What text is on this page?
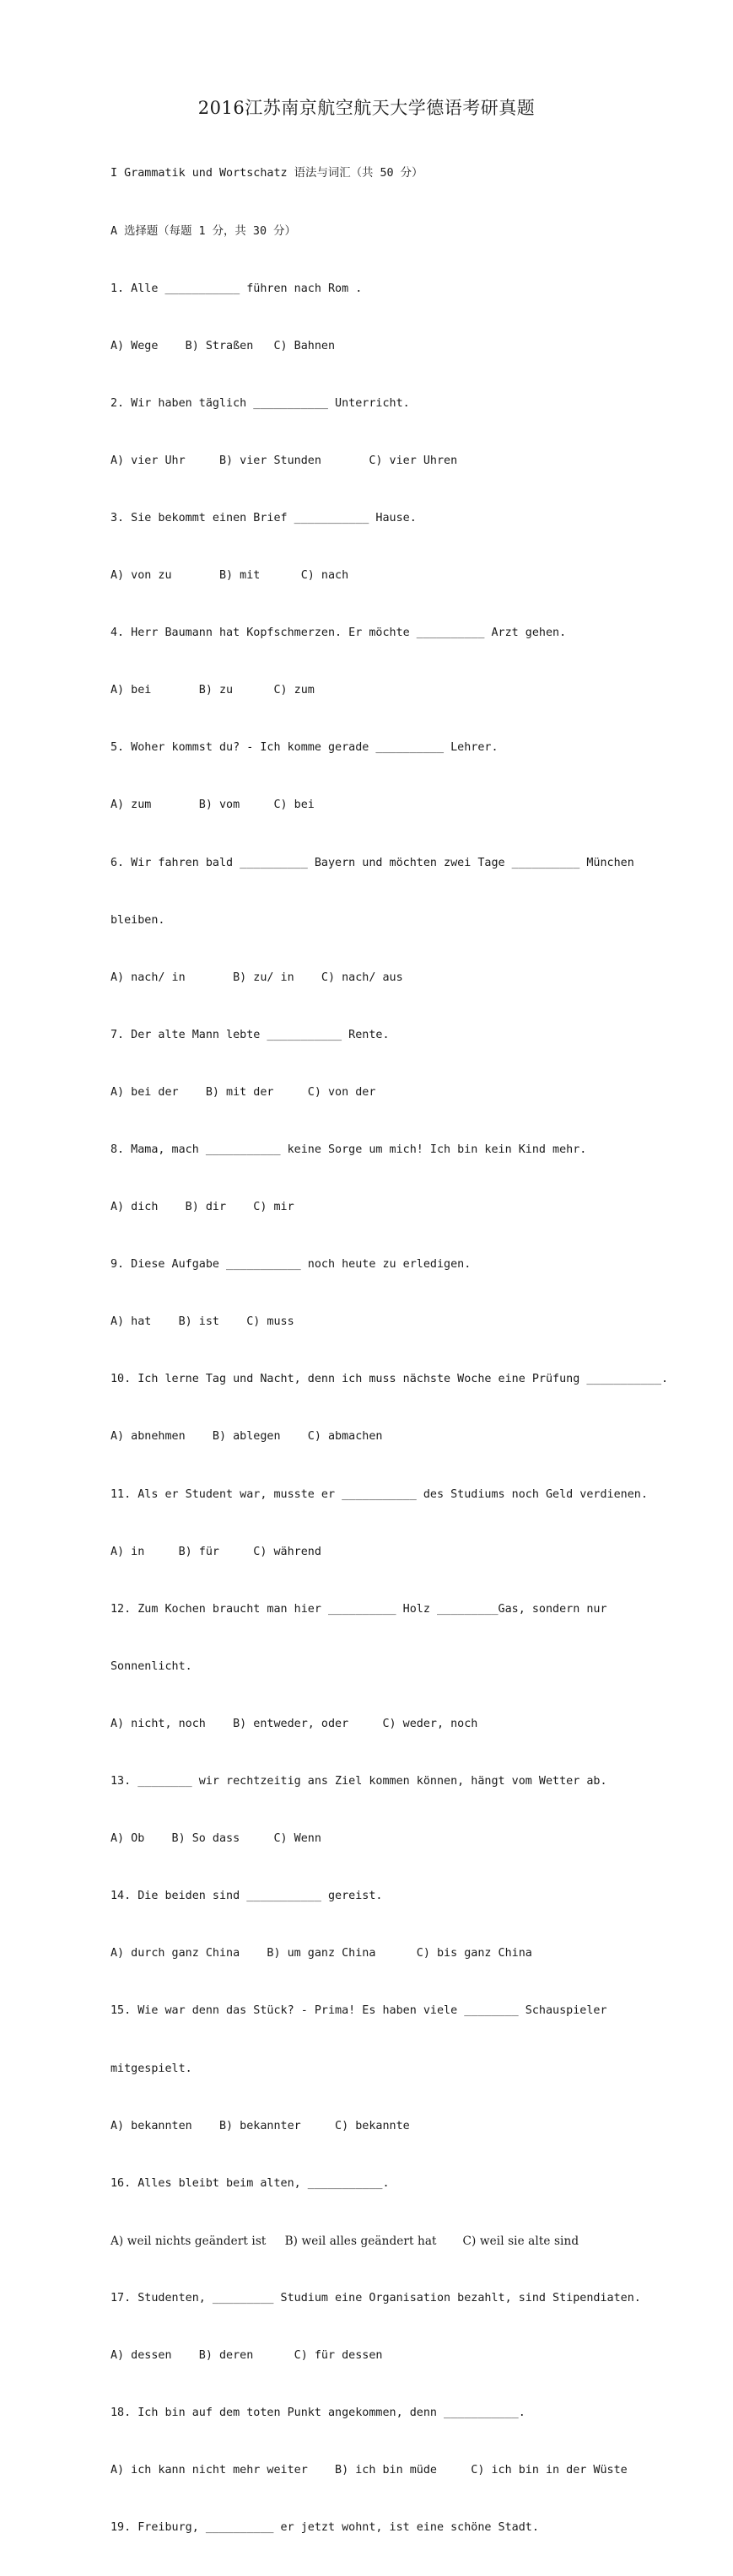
2016江苏南京航空航天大学德语考研真题

I Grammatik und Wortschatz 语法与词汇（共 50 分）

A 选择题（每题 1 分，共 30 分）

1. Alle ___________ führen nach Rom .

A) Wege    B) Straßen   C) Bahnen

2. Wir haben täglich ___________ Unterricht.

A) vier Uhr     B) vier Stunden       C) vier Uhren

3. Sie bekommt einen Brief ___________ Hause.

A) von zu       B) mit      C) nach

4. Herr Baumann hat Kopfschmerzen. Er möchte __________ Arzt gehen.

A) bei       B) zu      C) zum

5. Woher kommst du? - Ich komme gerade __________ Lehrer.

A) zum       B) vom     C) bei

6. Wir fahren bald __________ Bayern und möchten zwei Tage __________ München

bleiben.

A) nach/ in       B) zu/ in    C) nach/ aus

7. Der alte Mann lebte ___________ Rente.

A) bei der    B) mit der     C) von der

8. Mama, mach ___________ keine Sorge um mich! Ich bin kein Kind mehr.

A) dich    B) dir    C) mir

9. Diese Aufgabe ___________ noch heute zu erledigen.

A) hat    B) ist    C) muss

10. Ich lerne Tag und Nacht, denn ich muss nächste Woche eine Prüfung ___________.

A) abnehmen    B) ablegen    C) abmachen

11. Als er Student war, musste er ___________ des Studiums noch Geld verdienen.

A) in     B) für     C) während

12. Zum Kochen braucht man hier __________ Holz _________Gas, sondern nur

Sonnenlicht.

A) nicht, noch    B) entweder, oder     C) weder, noch

13. ________ wir rechtzeitig ans Ziel kommen können, hängt vom Wetter ab.

A) Ob    B) So dass     C) Wenn

14. Die beiden sind ___________ gereist.

A) durch ganz China    B) um ganz China      C) bis ganz China

15. Wie war denn das Stück? - Prima! Es haben viele ________ Schauspieler

mitgespielt.

A) bekannten    B) bekannter     C) bekannte

16. Alles bleibt beim alten, ___________.

A) weil nichts geändert ist     B) weil alles geändert hat       C) weil sie alte sind

17. Studenten, _________ Studium eine Organisation bezahlt, sind Stipendiaten.

A) dessen    B) deren      C) für dessen

18. Ich bin auf dem toten Punkt angekommen, denn ___________.

A) ich kann nicht mehr weiter    B) ich bin müde     C) ich bin in der Wüste

19. Freiburg, __________ er jetzt wohnt, ist eine schöne Stadt.
